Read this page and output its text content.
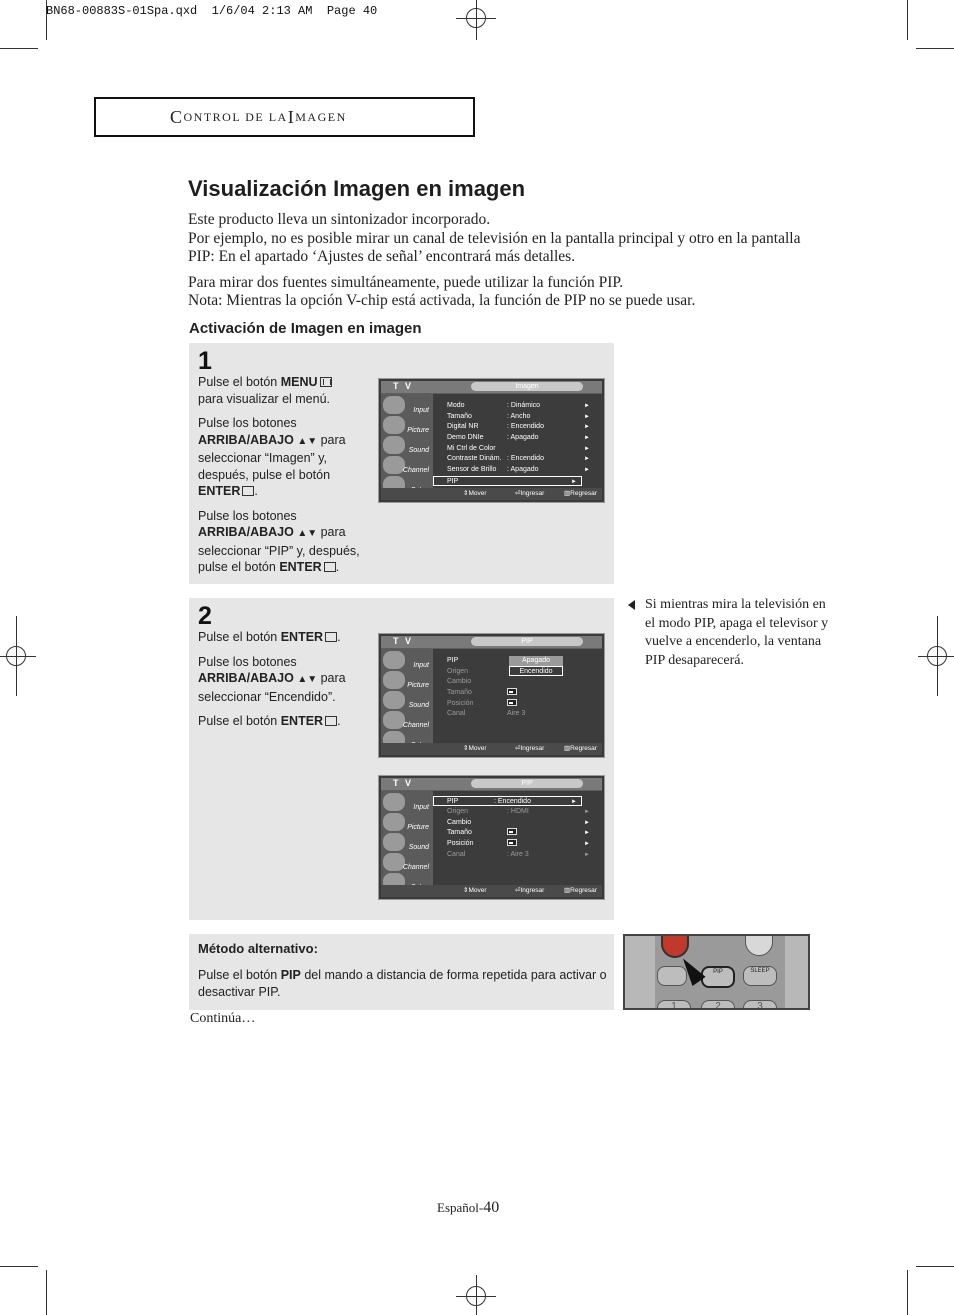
BN68-00883S-01Spa.qxd  1/6/04 2:13 AM  Page 40
C ONTROL DE LA I MAGEN
Visualización Imagen en imagen
Este producto lleva un sintonizador incorporado.
Por ejemplo, no es posible mirar un canal de televisión en la pantalla principal y otro en la pantalla PIP: En el apartado ‘Ajustes de señal’ encontrará más detalles.
Para mirar dos fuentes simultáneamente, puede utilizar la función PIP.
Nota: Mientras la opción V-chip está activada, la función de PIP no se puede usar.
Activación de Imagen en imagen
1

Pulse el botón MENU
para visualizar el menú.

Pulse los botones
ARRIBA/ABAJO ▲▼ para seleccionar “Imagen” y, después, pulse el botón
ENTER .

Pulse los botones
ARRIBA/ABAJO ▲▼ para seleccionar “PIP” y, después, pulse el botón ENTER .

T V	Imagen
Input
Picture
Sound
Channel
Modo	: Dinámico	►
Tamaño	: Ancho	►
Digital NR	: Encendido	►
Demo DNIe	: Apagado	►
Mi Ctrl de Color	►
Contraste Dinám. : Encendido	►
Sensor de Brillo : Apagado	►
PIP	►
⇕ Mover	⏎ Ingresar	▥ Regresar
2

Pulse el botón ENTER .

Pulse los botones
ARRIBA/ABAJO ▲▼ para seleccionar “Encendido”.

Pulse el botón ENTER .

T V	PIP
Input
Picture
Sound
Channel
PIP
Origen
Cambio
Tamaño
Posición
Canal	Aire 3
Apagado
Encendido
⇕ Mover	⏎ Ingresar	▥ Regresar
T V	PIP
Input
Picture
Sound
Channel
PIP	: Encendido	►
Origen	: HDMI	►
Cambio	►
Tamaño	►
Posición	►
Canal	: Aire 3	►
⇕ Mover	⏎ Ingresar	▥ Regresar
Si mientras mira la televisión en el modo PIP, apaga el televisor y vuelve a encenderlo, la ventana PIP desaparecerá.
Método alternativo:
Pulse el botón PIP del mando a distancia de forma repetida para activar o desactivar PIP.
PIP	SLEEP
1	2	3
Continúa…
Español-40
